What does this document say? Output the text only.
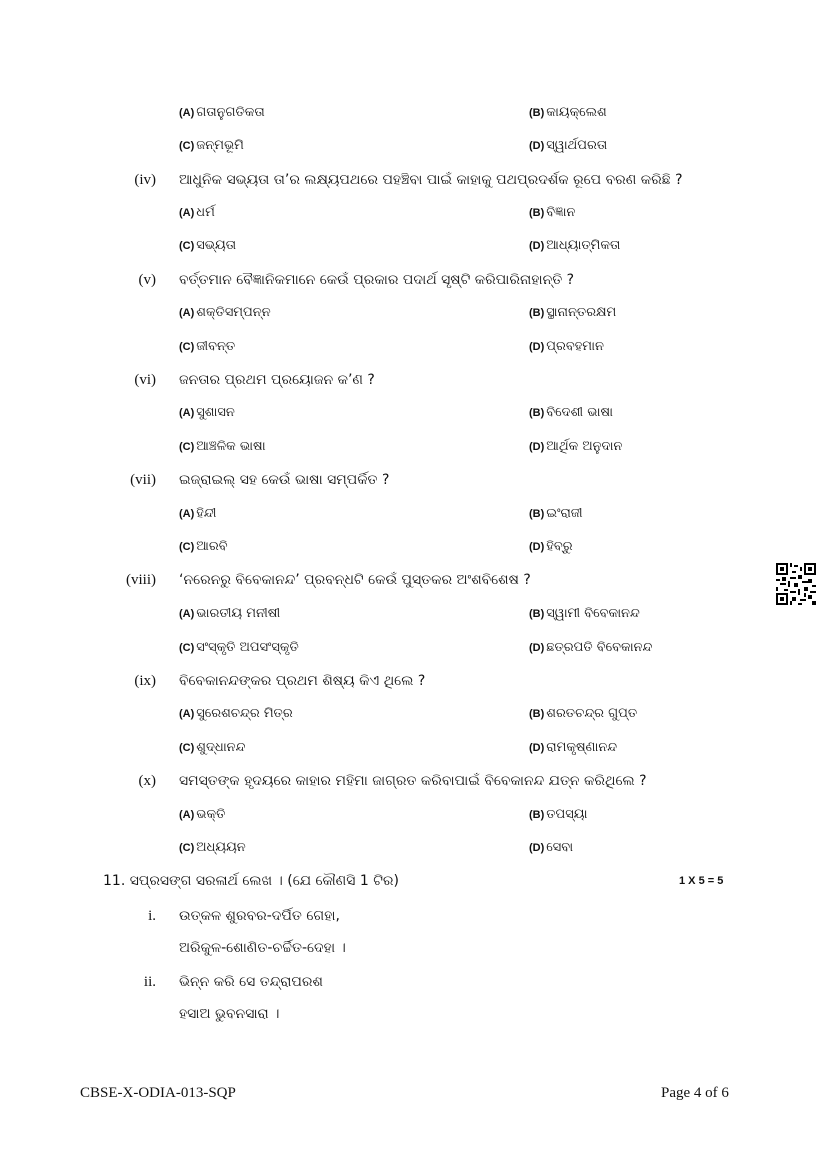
(A) ଗତାନୁଗତିକତା	(B) କାୟକ୍ଲେଶ
(C) ଜନ୍ମଭୂମି	(D) ସ୍ୱାର୍ଥପରତା
(iv) ଆଧୁନିକ ସଭ୍ୟତା ତା’ର ଲକ୍ଷ୍ୟପଥରେ ପହଞ୍ଚିବା ପାଇଁ କାହାକୁ ପଥପ୍ରଦର୍ଶକ ରୂପେ ବରଣ କରିଛି ?
(A) ଧର୍ମ	(B) ବିଜ୍ଞାନ
(C) ସଭ୍ୟତା	(D) ଆଧ୍ୟାତ୍ମିକତା
(v) ବର୍ତ୍ତମାନ ବୈଜ୍ଞାନିକମାନେ କେଉଁ ପ୍ରକାର ପଦାର୍ଥ ସୃଷ୍ଟି କରିପାରିନାହାନ୍ତି ?
(A) ଶକ୍ତିସମ୍ପନ୍ନ	(B) ସ୍ଥାନାନ୍ତରକ୍ଷମ
(C) ଜୀବନ୍ତ	(D) ପ୍ରବହମାନ
(vi) ଜନତାର ପ୍ରଥମ ପ୍ରୟୋଜନ କ’ଣ ?
(A) ସୁଶାସନ	(B) ବିଦେଶୀ ଭାଷା
(C) ଆଞ୍ଚଳିକ ଭାଷା	(D) ଆର୍ଥିକ ଅନୁଦାନ
(vii) ଇଜ୍‌ରାଇଲ୍ ସହ କେଉଁ ଭାଷା ସମ୍ପର୍କିତ ?
(A) ହିନ୍ଦୀ	(B) ଇଂରାଜୀ
(C) ଆରବି	(D) ହିବ୍ରୁ
(viii) ‘ନରେନରୁ ବିବେକାନନ୍ଦ’ ପ୍ରବନ୍ଧଟି କେଉଁ ପୁସ୍ତକର ଅଂଶବିଶେଷ ?
(A) ଭାରତୀୟ ମନୀଷୀ	(B) ସ୍ୱାମୀ ବିବେକାନନ୍ଦ
(C) ସଂସ୍କୃତି ଅପସଂସ୍କୃତି	(D) ଛତ୍ରପତି ବିବେକାନନ୍ଦ
(ix) ବିବେକାନନ୍ଦଙ୍କର ପ୍ରଥମ ଶିଷ୍ୟ କିଏ ଥିଲେ ?
(A) ସୁରେଶଚନ୍ଦ୍ର ମିତ୍ର	(B) ଶରତଚନ୍ଦ୍ର ଗୁପ୍ତ
(C) ଶୁଦ୍ଧାନନ୍ଦ	(D) ରାମକୃଷ୍ଣାନନ୍ଦ
(x) ସମସ୍ତଙ୍କ ହୃଦୟରେ କାହାର ମହିମା ଜାଗ୍ରତ କରିବାପାଇଁ ବିବେକାନନ୍ଦ ଯତ୍ନ କରିଥିଲେ ?
(A) ଭକ୍ତି	(B) ତପସ୍ୟା
(C) ଅଧ୍ୟୟନ	(D) ସେବା
11. ସପ୍ରସଙ୍ଗ ସରଳାର୍ଥ ଲେଖ । (ଯେ କୌଣସି 1 ଟିର)	1 X 5 = 5
i. ଉତ୍କଳ ଶୁରବର-ଦର୍ପିତ ଗେହା,
ଅରିକୁଳ-ଶୋଣିତ-ଚର୍ଚ୍ଚିତ-ଦେହା ।
ii. ଭିନ୍ନ କରି ସେ ତନ୍ଦ୍ରାପରଶ
ହସାଅ ଭୁବନସାରା ।
CBSE-X-ODIA-013-SQP	Page 4 of 6
